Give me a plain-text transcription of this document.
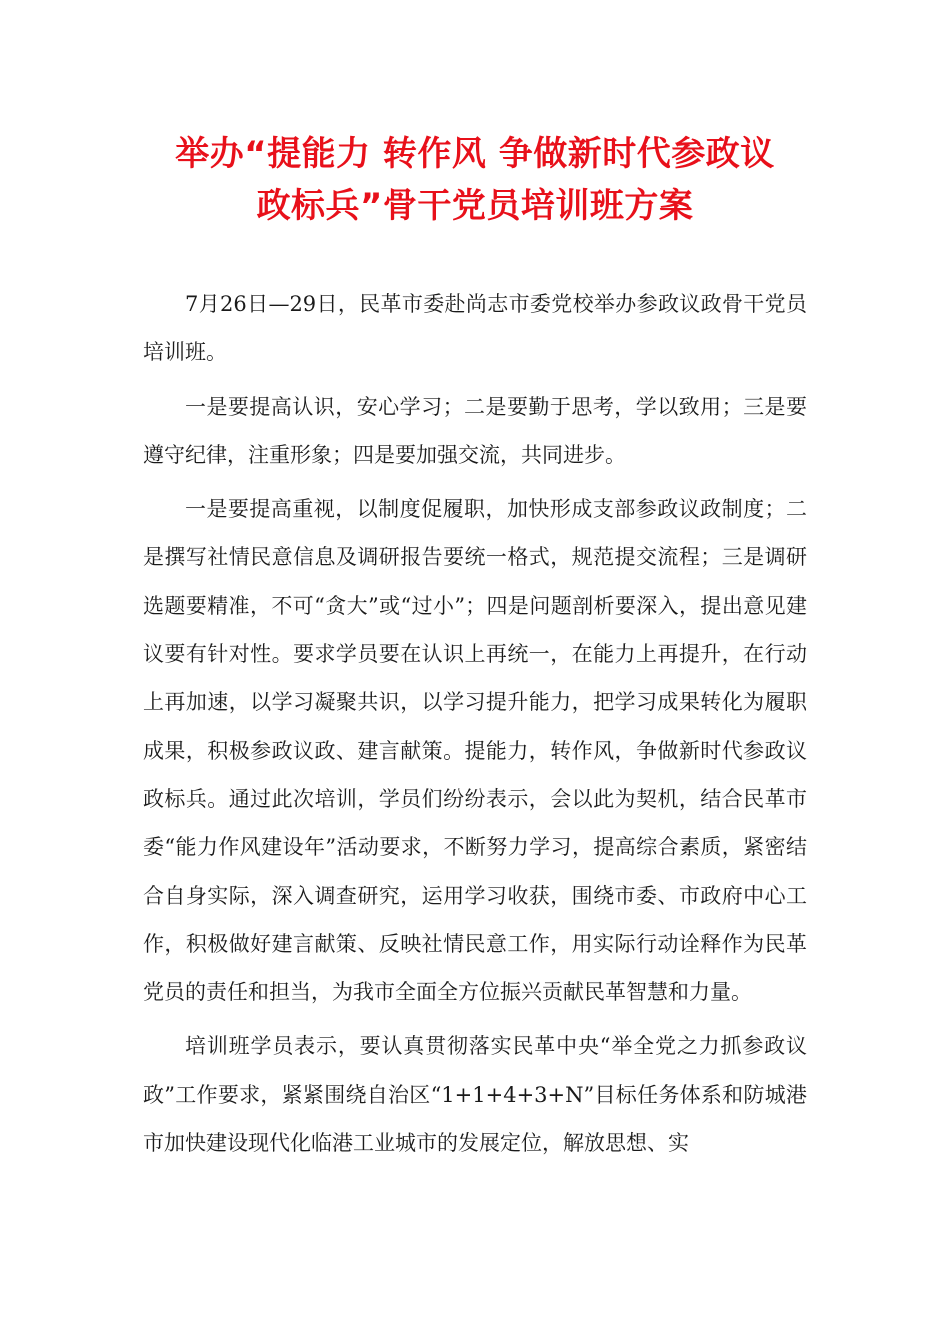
举办“提能力 转作风 争做新时代参政议
政标兵”骨干党员培训班方案

7月26日—29日，民革市委赴尚志市委党校举办参政议政骨干党员培训班。

一是要提高认识，安心学习；二是要勤于思考，学以致用；三是要遵守纪律，注重形象；四是要加强交流，共同进步。

一是要提高重视，以制度促履职，加快形成支部参政议政制度；二是撰写社情民意信息及调研报告要统一格式，规范提交流程；三是调研选题要精准，不可“贪大”或“过小”；四是问题剖析要深入，提出意见建议要有针对性。要求学员要在认识上再统一，在能力上再提升，在行动上再加速，以学习凝聚共识，以学习提升能力，把学习成果转化为履职成果，积极参政议政、建言献策。提能力，转作风，争做新时代参政议政标兵。通过此次培训，学员们纷纷表示，会以此为契机，结合民革市委“能力作风建设年”活动要求，不断努力学习，提高综合素质，紧密结合自身实际，深入调查研究，运用学习收获，围绕市委、市政府中心工作，积极做好建言献策、反映社情民意工作，用实际行动诠释作为民革党员的责任和担当，为我市全面全方位振兴贡献民革智慧和力量。

培训班学员表示，要认真贯彻落实民革中央“举全党之力抓参政议政”工作要求，紧紧围绕自治区“1+1+4+3+N”目标任务体系和防城港市加快建设现代化临港工业城市的发展定位，解放思想、实
